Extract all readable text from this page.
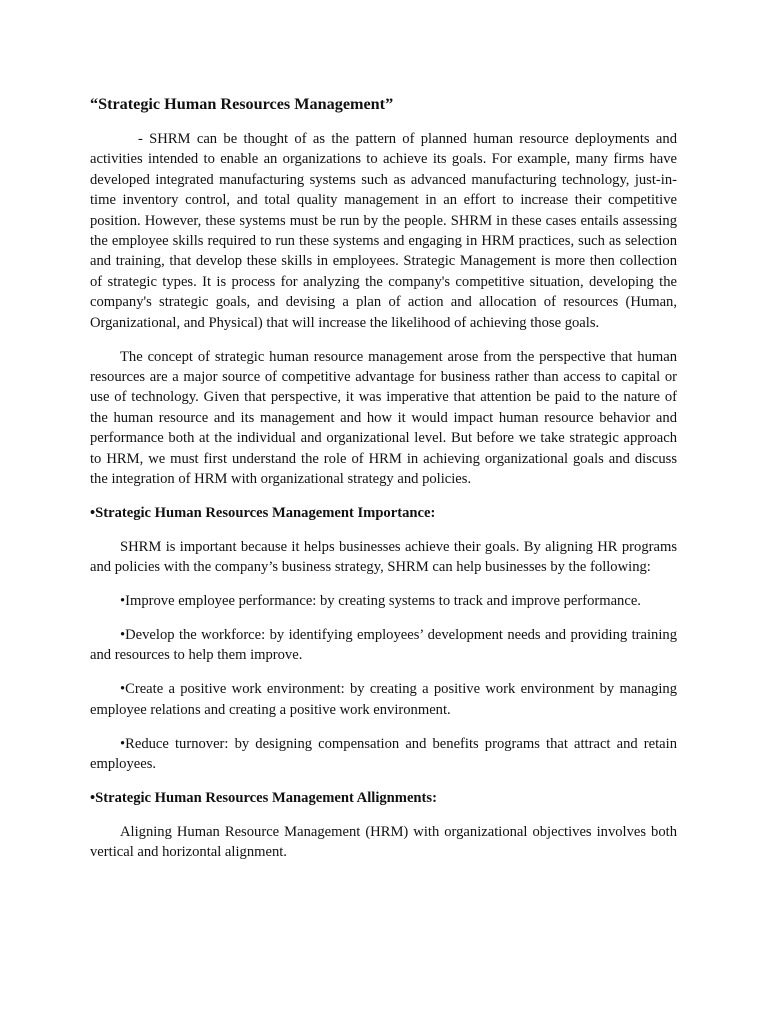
“Strategic Human Resources Management”

- SHRM can be thought of as the pattern of planned human resource deployments and activities intended to enable an organizations to achieve its goals. For example, many firms have developed integrated manufacturing systems such as advanced manufacturing technology, just-in-time inventory control, and total quality management in an effort to increase their competitive position. However, these systems must be run by the people. SHRM in these cases entails assessing the employee skills required to run these systems and engaging in HRM practices, such as selection and training, that develop these skills in employees. Strategic Management is more then collection of strategic types. It is process for analyzing the company's competitive situation, developing the company's strategic goals, and devising a plan of action and allocation of resources (Human, Organizational, and Physical) that will increase the likelihood of achieving those goals.

The concept of strategic human resource management arose from the perspective that human resources are a major source of competitive advantage for business rather than access to capital or use of technology. Given that perspective, it was imperative that attention be paid to the nature of the human resource and its management and how it would impact human resource behavior and performance both at the individual and organizational level. But before we take strategic approach to HRM, we must first understand the role of HRM in achieving organizational goals and discuss the integration of HRM with organizational strategy and policies.

•Strategic Human Resources Management Importance:

SHRM is important because it helps businesses achieve their goals. By aligning HR programs and policies with the company’s business strategy, SHRM can help businesses by the following:

•Improve employee performance: by creating systems to track and improve performance.

•Develop the workforce: by identifying employees’ development needs and providing training and resources to help them improve.

•Create a positive work environment: by creating a positive work environment by managing employee relations and creating a positive work environment.

•Reduce turnover: by designing compensation and benefits programs that attract and retain employees.

•Strategic Human Resources Management Allignments:

Aligning Human Resource Management (HRM) with organizational objectives involves both vertical and horizontal alignment.
